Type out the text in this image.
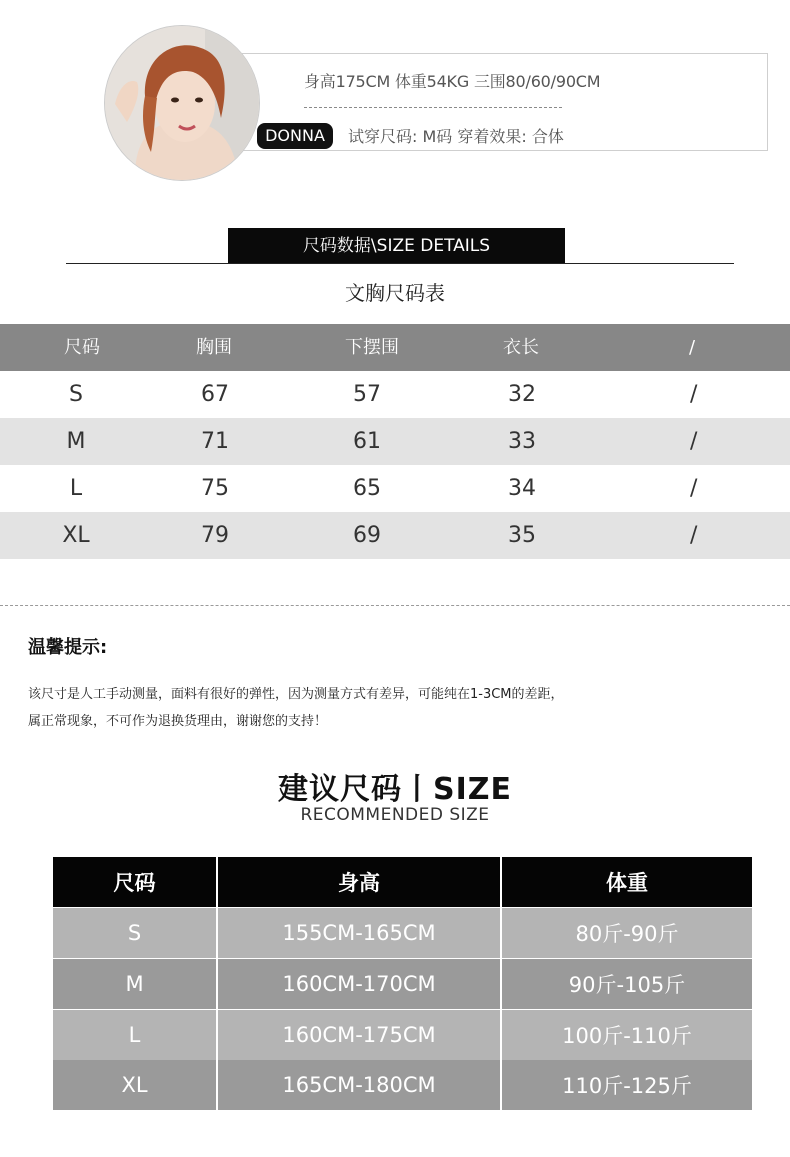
身高175CM 体重54KG 三围80/60/90CM
DONNA	试穿尺码: M码 穿着效果: 合体
尺码数据\SIZE DETAILS
文胸尺码表
尺码	胸围	下摆围	衣长	/
S	67	57	32	/
M	71	61	33	/
L	75	65	34	/
XL	79	69	35	/
温馨提示:
该尺寸是人工手动测量，面料有很好的弹性，因为测量方式有差异，可能纯在1-3CM的差距，
属正常现象，不可作为退换货理由，谢谢您的支持！
建议尺码丨SIZE
RECOMMENDED SIZE
尺码	身高	体重
S	155CM-165CM	80斤-90斤
M	160CM-170CM	90斤-105斤
L	160CM-175CM	100斤-110斤
XL	165CM-180CM	110斤-125斤
